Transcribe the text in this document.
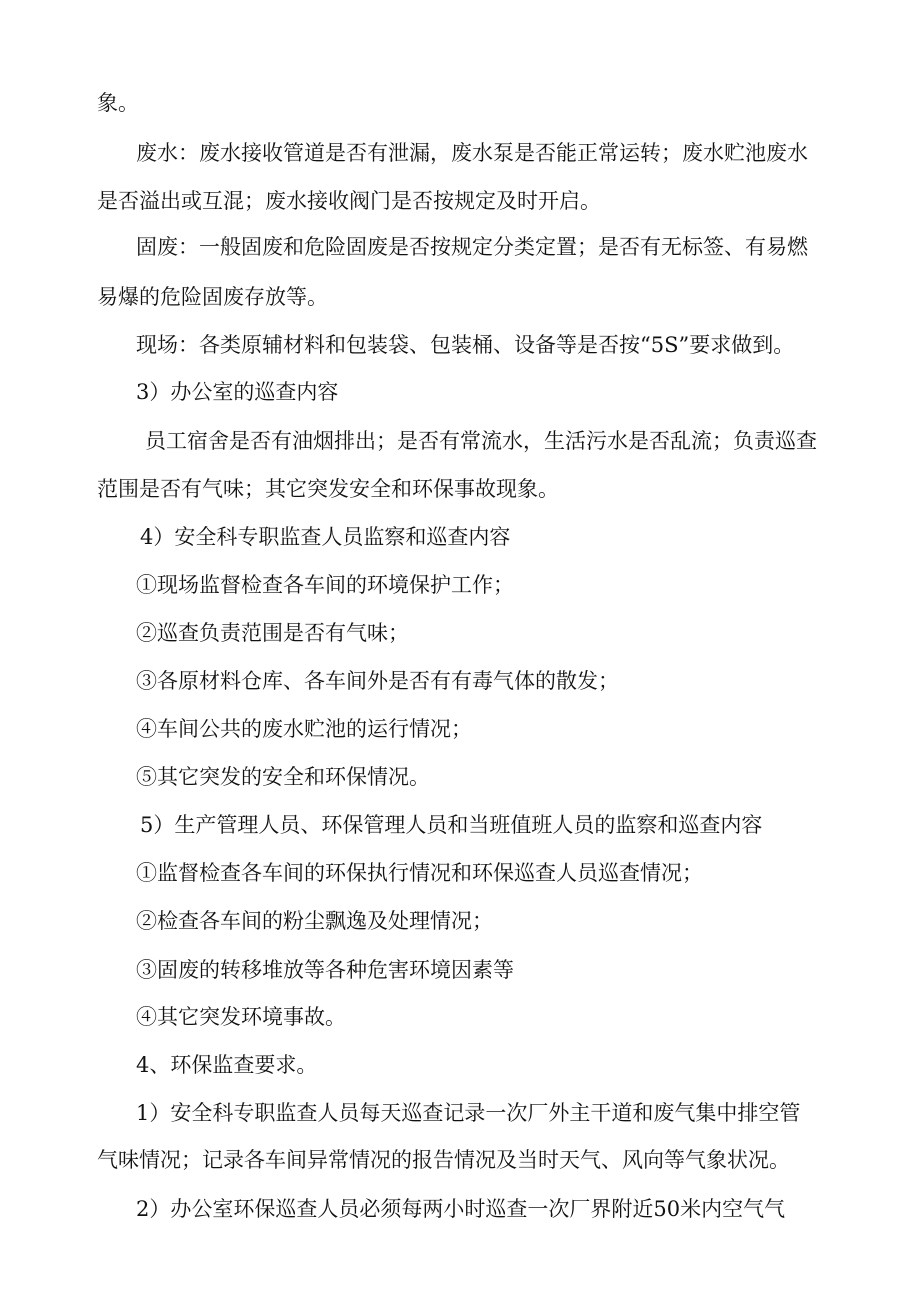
象。
废水：废水接收管道是否有泄漏，废水泵是否能正常运转；废水贮池废水
是否溢出或互混；废水接收阀门是否按规定及时开启。
固废：一般固废和危险固废是否按规定分类定置；是否有无标签、有易燃
易爆的危险固废存放等。
现场：各类原辅材料和包装袋、包装桶、设备等是否按“5S”要求做到。
3）办公室的巡查内容
员工宿舍是否有油烟排出；是否有常流水，生活污水是否乱流；负责巡查
范围是否有气味；其它突发安全和环保事故现象。
4）安全科专职监查人员监察和巡查内容
①现场监督检查各车间的环境保护工作；
②巡查负责范围是否有气味；
③各原材料仓库、各车间外是否有有毒气体的散发；
④车间公共的废水贮池的运行情况；
⑤其它突发的安全和环保情况。
5）生产管理人员、环保管理人员和当班值班人员的监察和巡查内容
①监督检查各车间的环保执行情况和环保巡查人员巡查情况；
②检查各车间的粉尘飘逸及处理情况；
③固废的转移堆放等各种危害环境因素等
④其它突发环境事故。
4、环保监查要求。
1）安全科专职监查人员每天巡查记录一次厂外主干道和废气集中排空管
气味情况；记录各车间异常情况的报告情况及当时天气、风向等气象状况。
2）办公室环保巡查人员必须每两小时巡查一次厂界附近50米内空气气
